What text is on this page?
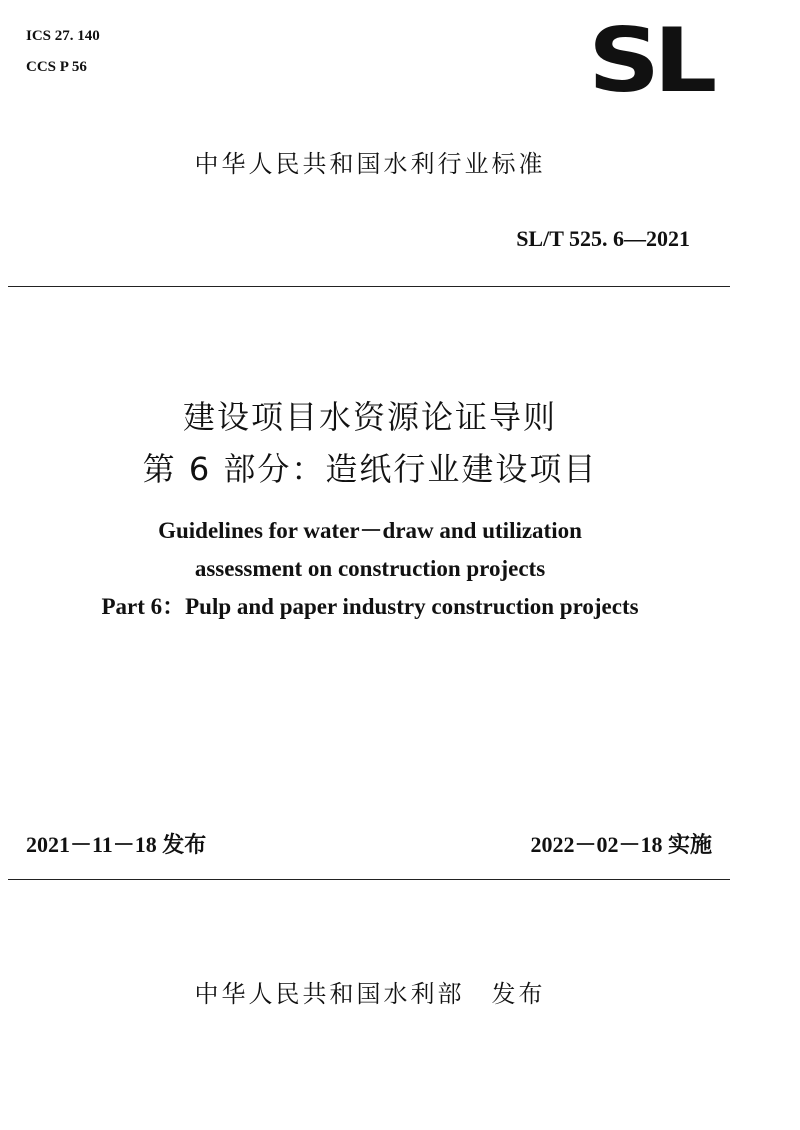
ICS 27. 140
CCS P 56	SL
中华人民共和国水利行业标准
SL/T 525. 6—2021
建设项目水资源论证导则
第 6 部分：造纸行业建设项目
Guidelines for water－draw and utilization
assessment on construction projects
Part 6：Pulp and paper industry construction projects
2021－11－18 发布	2022－02－18 实施
中华人民共和国水利部　发布
